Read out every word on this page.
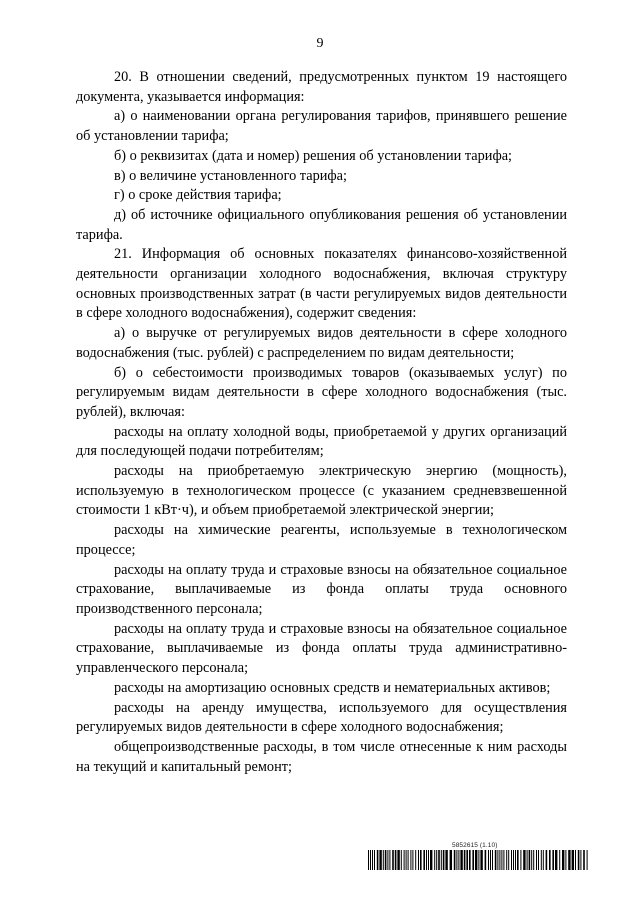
9

20. В отношении сведений, предусмотренных пунктом 19 настоящего документа, указывается информация:

а) о наименовании органа регулирования тарифов, принявшего решение об установлении тарифа;

б) о реквизитах (дата и номер) решения об установлении тарифа;

в) о величине установленного тарифа;

г) о сроке действия тарифа;

д) об источнике официального опубликования решения об установлении тарифа.

21. Информация об основных показателях финансово-хозяйственной деятельности организации холодного водоснабжения, включая структуру основных производственных затрат (в части регулируемых видов деятельности в сфере холодного водоснабжения), содержит сведения:

а) о выручке от регулируемых видов деятельности в сфере холодного водоснабжения (тыс. рублей) с распределением по видам деятельности;

б) о себестоимости производимых товаров (оказываемых услуг) по регулируемым видам деятельности в сфере холодного водоснабжения (тыс. рублей), включая:

расходы на оплату холодной воды, приобретаемой у других организаций для последующей подачи потребителям;

расходы на приобретаемую электрическую энергию (мощность), используемую в технологическом процессе (с указанием средневзвешенной стоимости 1 кВт·ч), и объем приобретаемой электрической энергии;

расходы на химические реагенты, используемые в технологическом процессе;

расходы на оплату труда и страховые взносы на обязательное социальное страхование, выплачиваемые из фонда оплаты труда основного производственного персонала;

расходы на оплату труда и страховые взносы на обязательное социальное страхование, выплачиваемые из фонда оплаты труда административно-управленческого персонала;

расходы на амортизацию основных средств и нематериальных активов;

расходы на аренду имущества, используемого для осуществления регулируемых видов деятельности в сфере холодного водоснабжения;

общепроизводственные расходы, в том числе отнесенные к ним расходы на текущий и капитальный ремонт;

5852615 (1.10)
